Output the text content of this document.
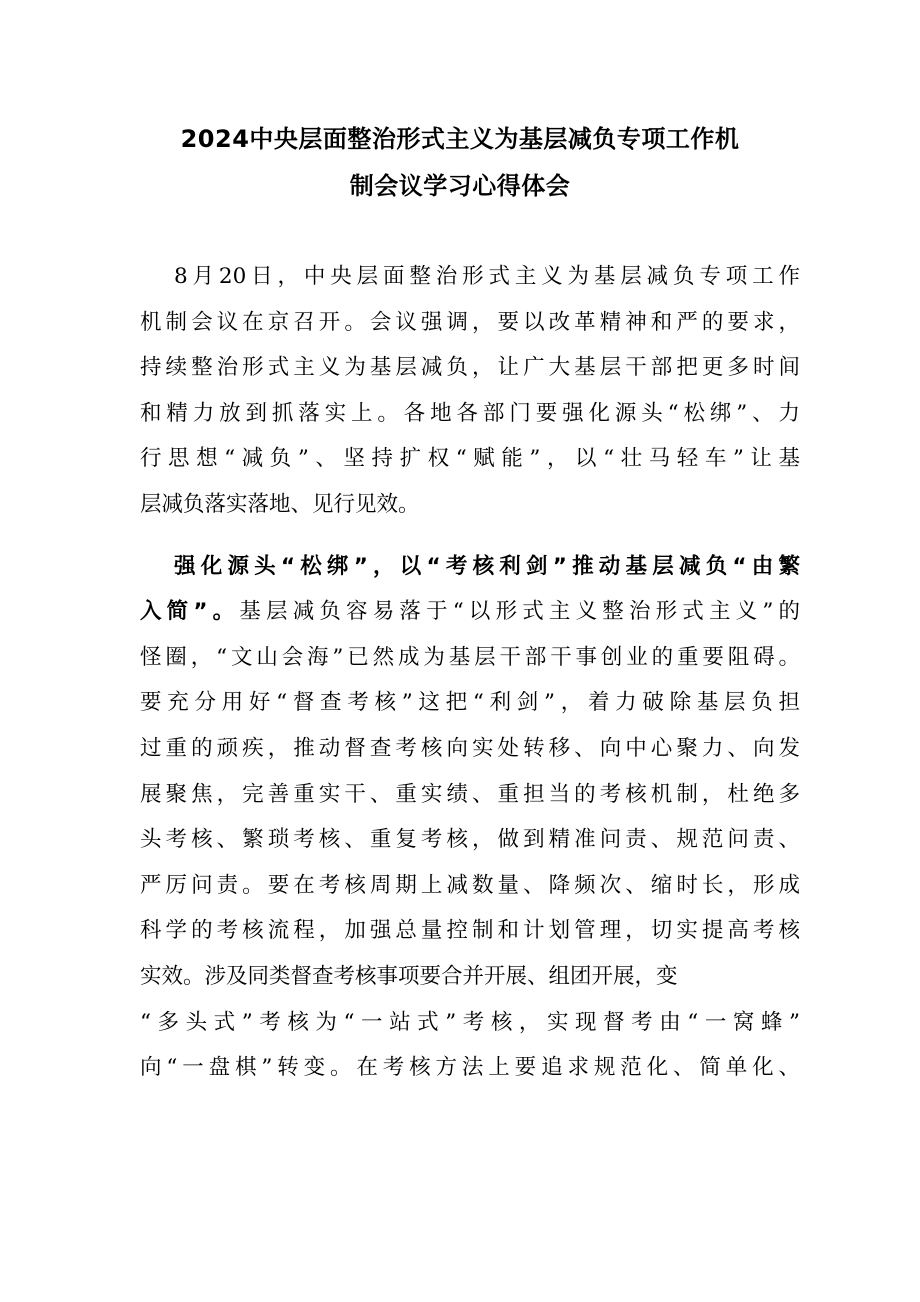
2024中央层面整治形式主义为基层减负专项工作机
制会议学习心得体会
8月20日，中央层面整治形式主义为基层减负专项工作
机制会议在京召开。会议强调，要以改革精神和严的要求，
持续整治形式主义为基层减负，让广大基层干部把更多时间
和精力放到抓落实上。各地各部门要强化源头“松绑”、力
行思想“减负”、坚持扩权“赋能”，以“壮马轻车”让基
层减负落实落地、见行见效。
强化源头“松绑”，以“考核利剑”推动基层减负“由繁
入简”。基层减负容易落于“以形式主义整治形式主义”的
怪圈，“文山会海”已然成为基层干部干事创业的重要阻碍。
要充分用好“督查考核”这把“利剑”，着力破除基层负担
过重的顽疾，推动督查考核向实处转移、向中心聚力、向发
展聚焦，完善重实干、重实绩、重担当的考核机制，杜绝多
头考核、繁琐考核、重复考核，做到精准问责、规范问责、
严厉问责。要在考核周期上减数量、降频次、缩时长，形成
科学的考核流程，加强总量控制和计划管理，切实提高考核
实效。涉及同类督查考核事项要合并开展、组团开展，变
“多头式”考核为“一站式”考核，实现督考由“一窝蜂”
向“一盘棋”转变。在考核方法上要追求规范化、简单化、
